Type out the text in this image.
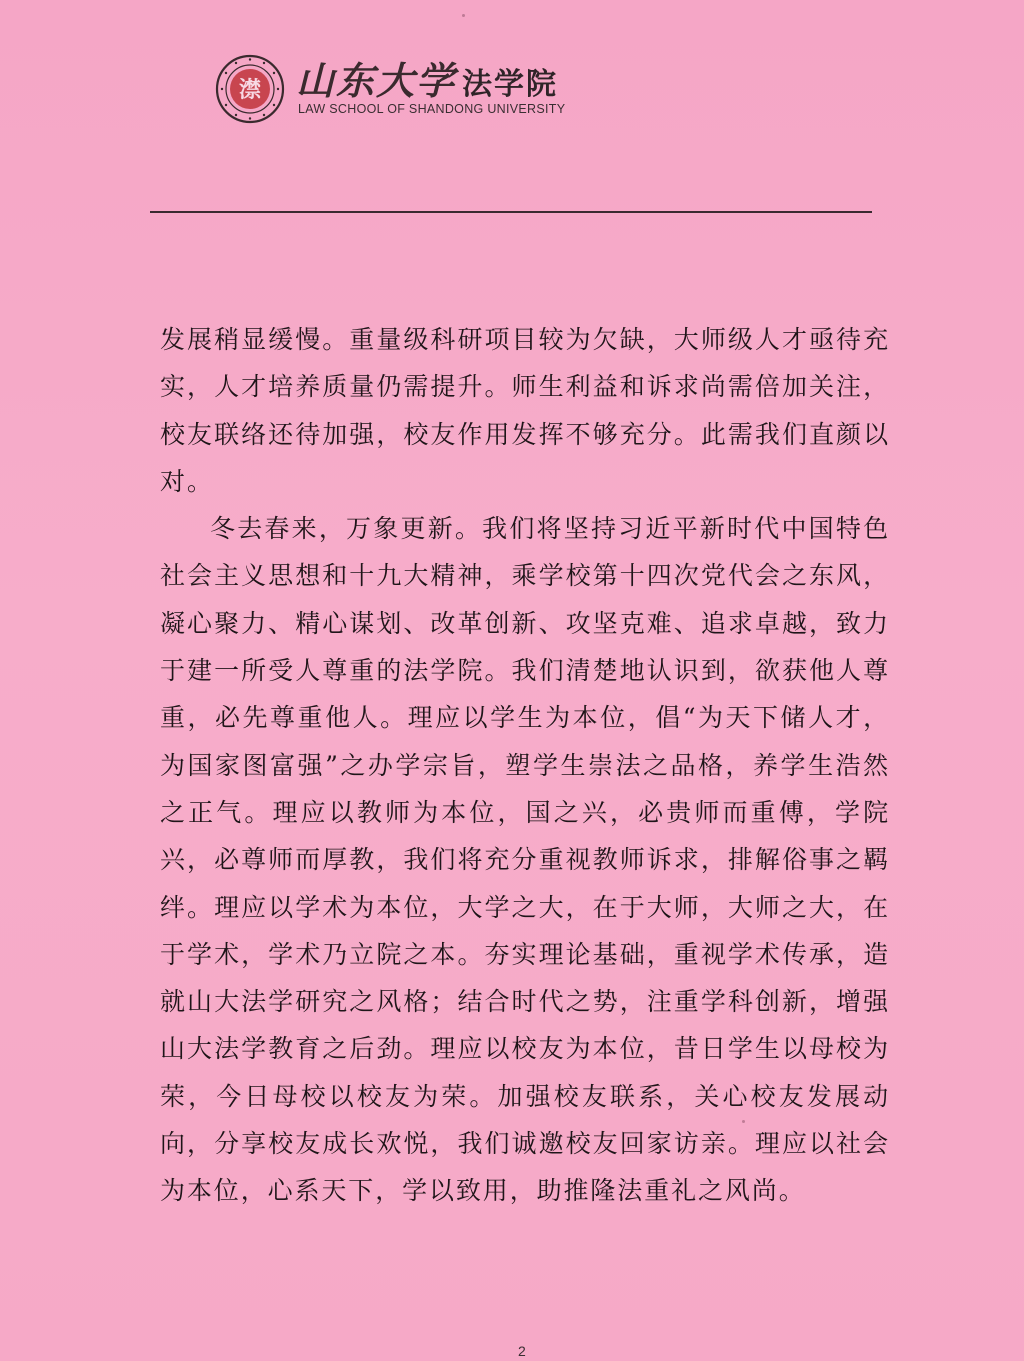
澿 山东大学 法学院
LAW SCHOOL OF SHANDONG UNIVERSITY

发展稍显缓慢。重量级科研项目较为欠缺，大师级人才亟待充实，人才培养质量仍需提升。师生利益和诉求尚需倍加关注，校友联络还待加强，校友作用发挥不够充分。此需我们直颜以对。

冬去春来，万象更新。我们将坚持习近平新时代中国特色社会主义思想和十九大精神，乘学校第十四次党代会之东风，凝心聚力、精心谋划、改革创新、攻坚克难、追求卓越，致力于建一所受人尊重的法学院。我们清楚地认识到，欲获他人尊重，必先尊重他人。理应以学生为本位，倡“为天下储人才，为国家图富强”之办学宗旨，塑学生崇法之品格，养学生浩然之正气。理应以教师为本位，国之兴，必贵师而重傅，学院兴，必尊师而厚教，我们将充分重视教师诉求，排解俗事之羁绊。理应以学术为本位，大学之大，在于大师，大师之大，在于学术，学术乃立院之本。夯实理论基础，重视学术传承，造就山大法学研究之风格；结合时代之势，注重学科创新，增强山大法学教育之后劲。理应以校友为本位，昔日学生以母校为荣，今日母校以校友为荣。加强校友联系，关心校友发展动向，分享校友成长欢悦，我们诚邀校友回家访亲。理应以社会为本位，心系天下，学以致用，助推隆法重礼之风尚。

2
